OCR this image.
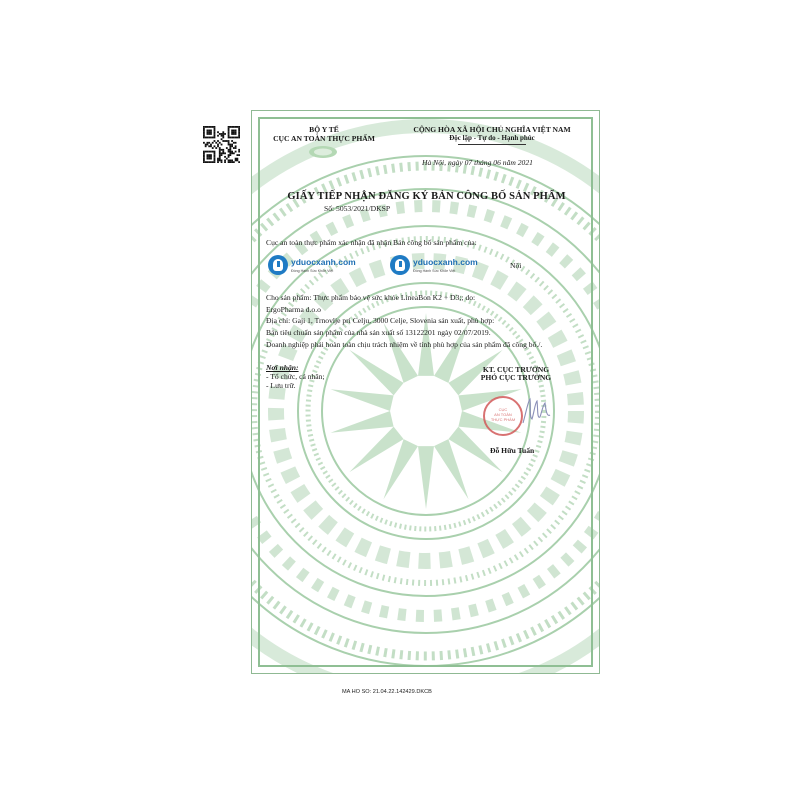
BỘ Y TẾ
CỤC AN TOÀN THỰC PHẨM
CỘNG HÒA XÃ HỘI CHỦ NGHĨA VIỆT NAM
Độc lập - Tự do - Hạnh phúc
Hà Nội, ngày 07 tháng 06 năm 2021
GIẤY TIẾP NHẬN ĐĂNG KÝ BẢN CÔNG BỐ SẢN PHẨM
Số: 5053/2021/DKSP
Cục an toàn thực phẩm xác nhận đã nhận Bản công bố sản phẩm của:
yduocxanh.com
Đồng Hành Sức Khỏe Việt
yduocxanh.com
Đồng Hành Sức Khỏe Việt
Nội
Cho sản phẩm: Thực phẩm bảo vệ sức khỏe LineaBon K2 + D3;; do:
ErgoPharma d.o.o
Địa chỉ: Gaji 1, Trnovlje pri Celju, 3000 Celje, Slovenia sản xuất, phù hợp:
Bản tiêu chuẩn sản phẩm của nhà sản xuất số 13122201 ngày 02/07/2019.
Doanh nghiệp phải hoàn toàn chịu trách nhiệm về tính phù hợp của sản phẩm đã công bố./.
Nơi nhận:
- Tổ chức, cá nhân;
- Lưu trữ.
KT. CỤC TRƯỞNG
PHÓ CỤC TRƯỞNG
CỤC
AN TOÀN
THỰC PHẨM
Đỗ Hữu Tuấn
MA HO SO: 21.04.22.142429.DKCB
